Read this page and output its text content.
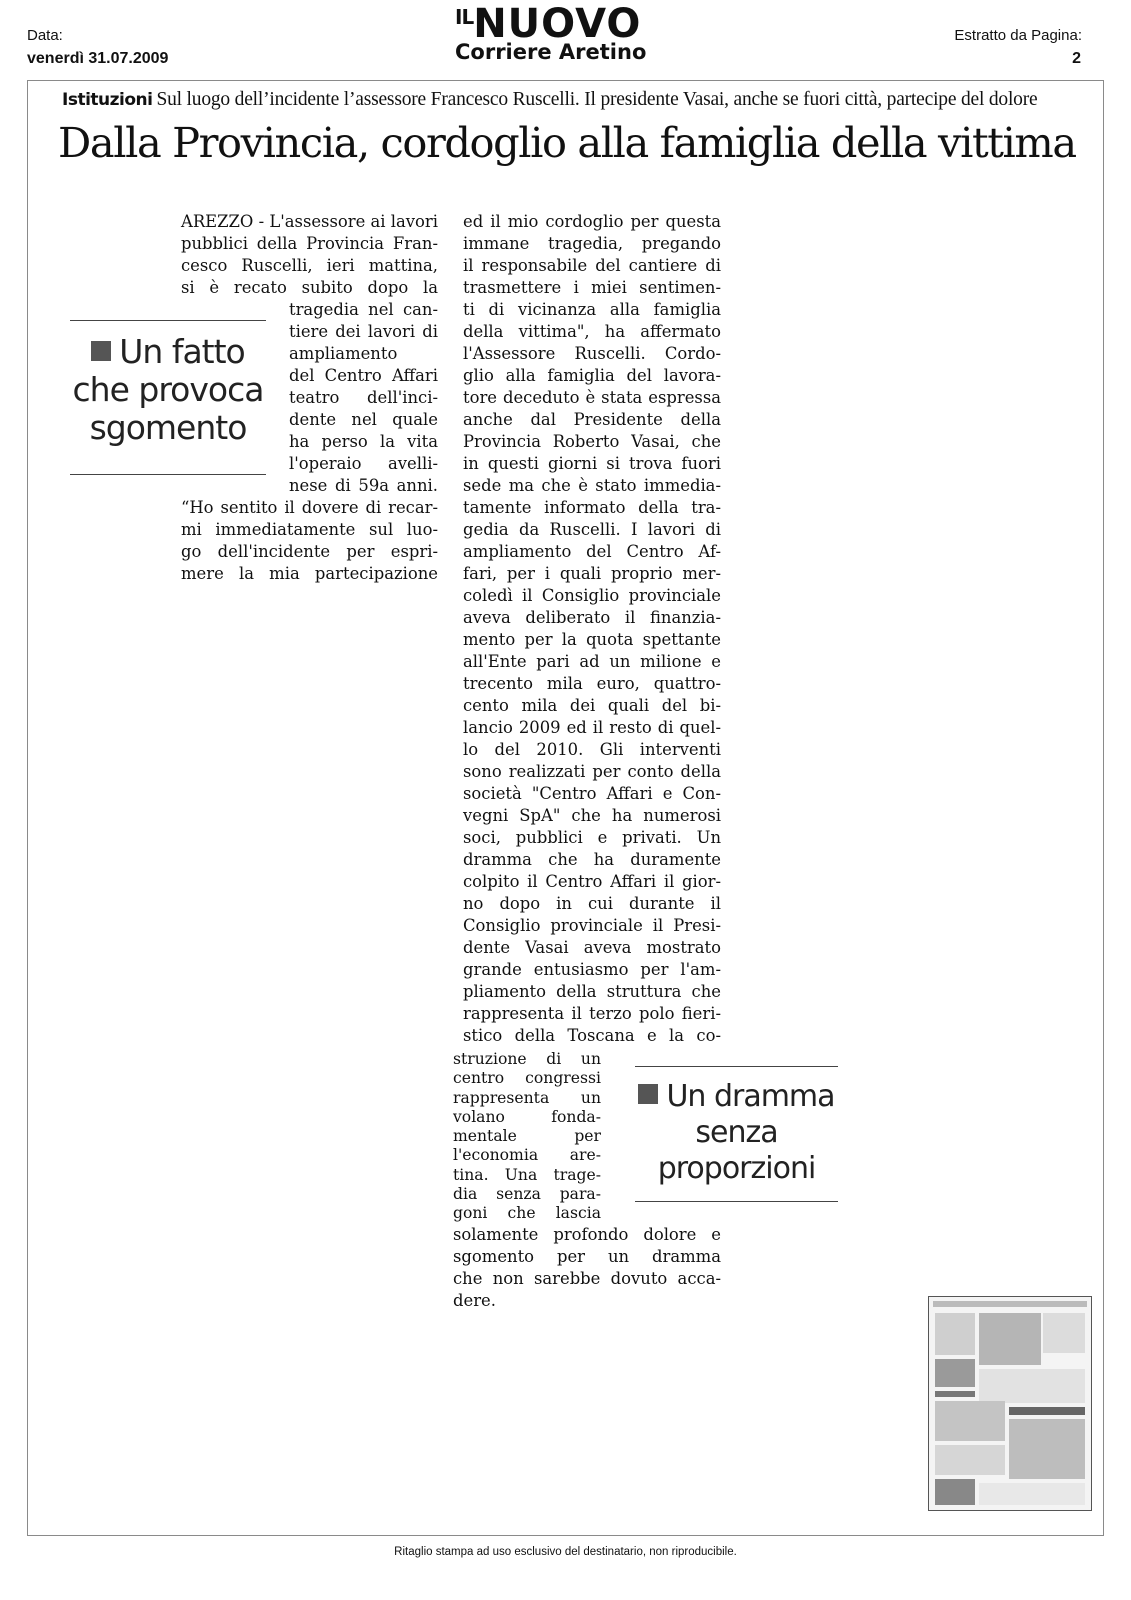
Data:
venerdì 31.07.2009
Estratto da Pagina:
2
ILNUOVO
Corriere Aretino
Istituzioni Sul luogo dell’incidente l’assessore Francesco Ruscelli. Il presidente Vasai, anche se fuori città, partecipe del dolore
Dalla Provincia, cordoglio alla famiglia della vittima

AREZZO - L'assessore ai lavori

pubblici della Provincia Fran-

cesco Ruscelli, ieri mattina,

si è recato subito dopo la

tragedia nel can-

tiere dei lavori di

ampliamento

del Centro Affari

teatro dell'inci-

dente nel quale

ha perso la vita

l'operaio avelli-

nese di 59a anni.

“Ho sentito il dovere di recar-

mi immediatamente sul luo-

go dell'incidente per espri-

mere la mia partecipazione

Un fatto
che provoca
sgomento

ed il mio cordoglio per questa

immane tragedia, pregando

il responsabile del cantiere di

trasmettere i miei sentimen-

ti di vicinanza alla famiglia

della vittima", ha affermato

l'Assessore Ruscelli. Cordo-

glio alla famiglia del lavora-

tore deceduto è stata espressa

anche dal Presidente della

Provincia Roberto Vasai, che

in questi giorni si trova fuori

sede ma che è stato immedia-

tamente informato della tra-

gedia da Ruscelli. I lavori di

ampliamento del Centro Af-

fari, per i quali proprio mer-

coledì il Consiglio provinciale

aveva deliberato il finanzia-

mento per la quota spettante

all'Ente pari ad un milione e

trecento mila euro, quattro-

cento mila dei quali del bi-

lancio 2009 ed il resto di quel-

lo del 2010. Gli interventi

sono realizzati per conto della

società "Centro Affari e Con-

vegni SpA" che ha numerosi

soci, pubblici e privati. Un

dramma che ha duramente

colpito il Centro Affari il gior-

no dopo in cui durante il

Consiglio provinciale il Presi-

dente Vasai aveva mostrato

grande entusiasmo per l'am-

pliamento della struttura che

rappresenta il terzo polo fieri-

stico della Toscana e la co-

struzione di un

centro congressi

rappresenta un

volano fonda-

mentale per

l'economia are-

tina. Una trage-

dia senza para-

goni che lascia

solamente profondo dolore e

sgomento per un dramma

che non sarebbe dovuto acca-

dere.

Un dramma
senza
proporzioni
Ritaglio stampa ad uso esclusivo del destinatario, non riproducibile.
